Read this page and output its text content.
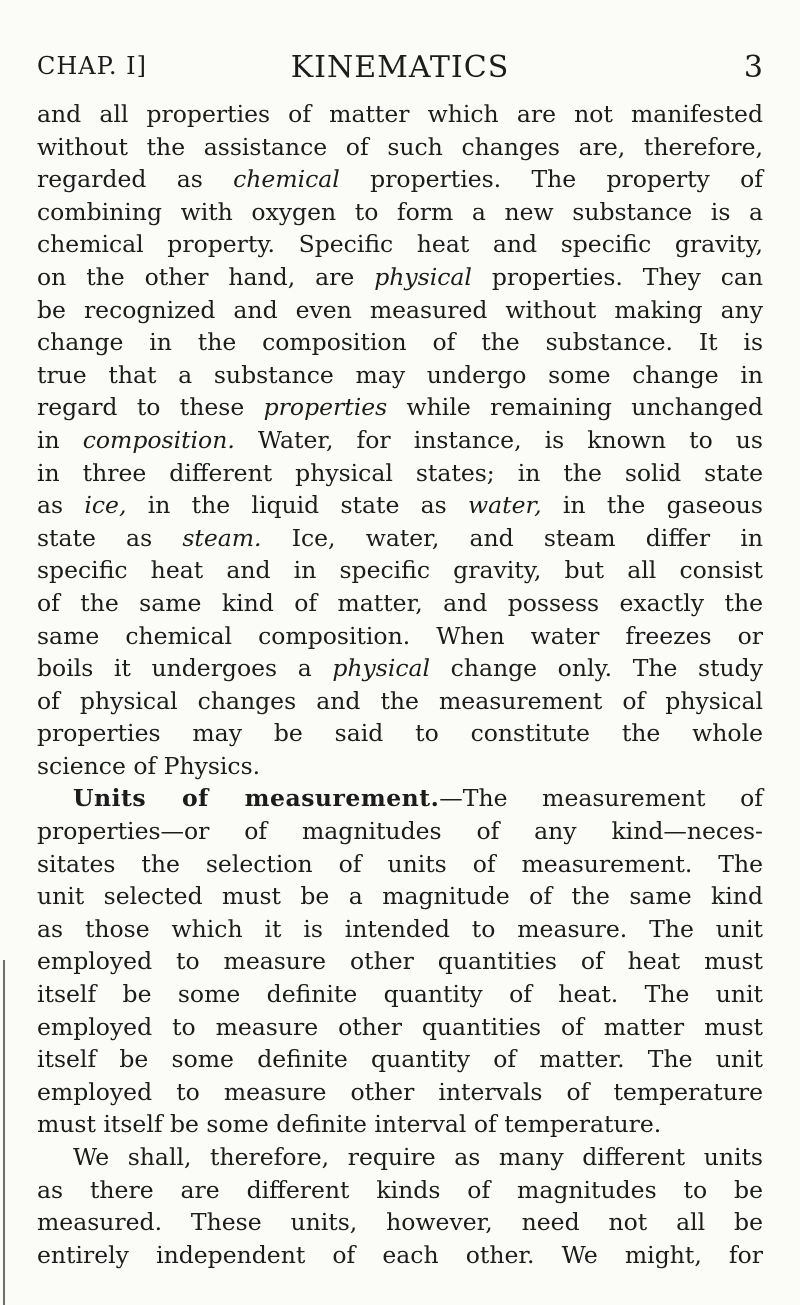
CHAP. I]	KINEMATICS	3

and all properties of matter which are not manifested
without the assistance of such changes are, therefore,
regarded as chemical properties. The property of
combining with oxygen to form a new substance is a
chemical property. Specific heat and specific gravity,
on the other hand, are physical properties. They can
be recognized and even measured without making any
change in the composition of the substance. It is
true that a substance may undergo some change in
regard to these properties while remaining unchanged
in composition. Water, for instance, is known to us
in three different physical states; in the solid state
as ice, in the liquid state as water, in the gaseous
state as steam. Ice, water, and steam differ in
specific heat and in specific gravity, but all consist
of the same kind of matter, and possess exactly the
same chemical composition. When water freezes or
boils it undergoes a physical change only. The study
of physical changes and the measurement of physical
properties may be said to constitute the whole
science of Physics.

Units of measurement.—The measurement of
properties—or of magnitudes of any kind—neces-
sitates the selection of units of measurement. The
unit selected must be a magnitude of the same kind
as those which it is intended to measure. The unit
employed to measure other quantities of heat must
itself be some definite quantity of heat. The unit
employed to measure other quantities of matter must
itself be some definite quantity of matter. The unit
employed to measure other intervals of temperature
must itself be some definite interval of temperature.

We shall, therefore, require as many different units
as there are different kinds of magnitudes to be
measured. These units, however, need not all be
entirely independent of each other. We might, for
